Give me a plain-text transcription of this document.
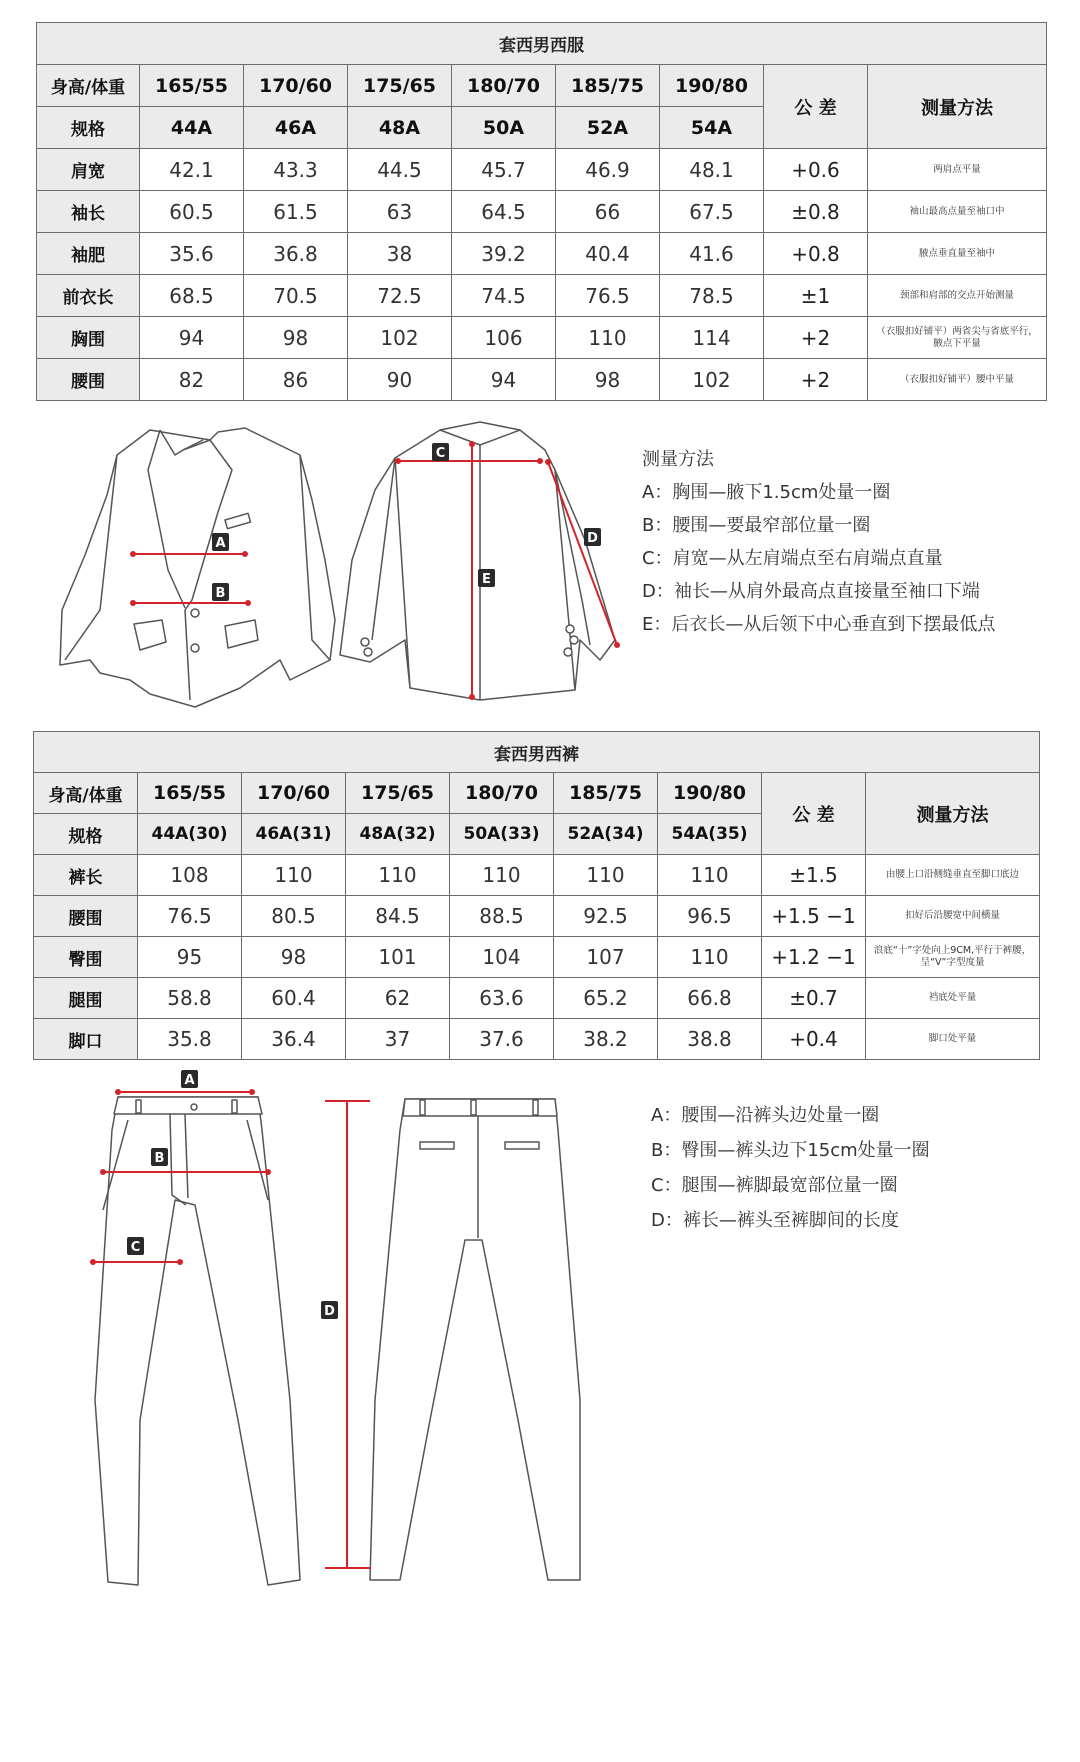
套西男西服								
身高/体重	165/55	170/60	175/65	180/70	185/75	190/80	公 差	测量方法
规格	44A	46A	48A	50A	52A	54A		
肩宽	42.1	43.3	44.5	45.7	46.9	48.1	+0.6	两肩点平量
袖长	60.5	61.5	63	64.5	66	67.5	±0.8	袖山最高点量至袖口中
袖肥	35.6	36.8	38	39.2	40.4	41.6	+0.8	腋点垂直量至袖中
前衣长	68.5	70.5	72.5	74.5	76.5	78.5	±1	颈部和肩部的交点开始测量
胸围	94	98	102	106	110	114	+2	（衣服扣好铺平）两省尖与省底平行，腋点下平量
腰围	82	86	90	94	98	102	+2	（衣服扣好铺平）腰中平量
A
B
C
D
E
A
B
C
D
测量方法
A：胸围—腋下1.5cm处量一圈
B：腰围—要最窄部位量一圈
C：肩宽—从左肩端点至右肩端点直量
D：袖长—从肩外最高点直接量至袖口下端
E：后衣长—从后领下中心垂直到下摆最低点
套西男西裤								
身高/体重	165/55	170/60	175/65	180/70	185/75	190/80	公 差	测量方法
规格	44A(30)	46A(31)	48A(32)	50A(33)	52A(34)	54A(35)		
裤长	108	110	110	110	110	110	±1.5	由腰上口沿侧缝垂直至脚口底边
腰围	76.5	80.5	84.5	88.5	92.5	96.5	+1.5 −1	扣好后沿腰宽中间横量
臀围	95	98	101	104	107	110	+1.2 −1	浪底“十”字处向上9CM,平行于裤腰，呈“V”字型度量
腿围	58.8	60.4	62	63.6	65.2	66.8	±0.7	裆底处平量
脚口	35.8	36.4	37	37.6	38.2	38.8	+0.4	脚口处平量
A：腰围—沿裤头边处量一圈
B：臀围—裤头边下15cm处量一圈
C：腿围—裤脚最宽部位量一圈
D：裤长—裤头至裤脚间的长度
